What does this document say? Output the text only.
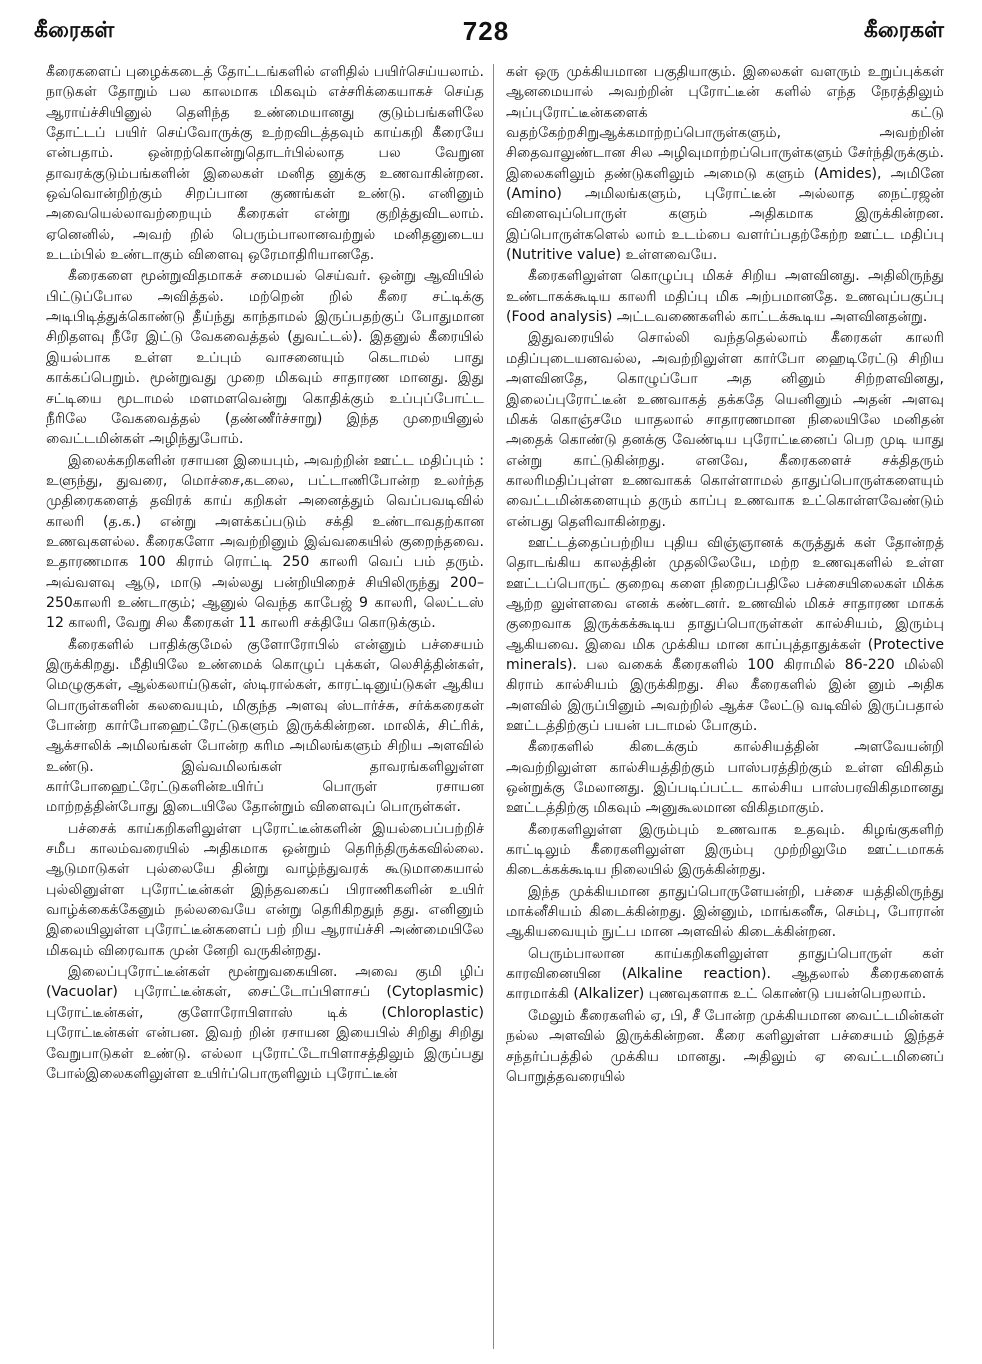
கீரைகள்	728	கீரைகள்

கீரைகளைப் புழைக்கடைத் தோட்டங்களில் எளிதில் பயிர்செய்யலாம். நாடுகள் தோறும் பல காலமாக மிகவும் எச்சரிக்கையாகச் செய்த ஆராய்ச்சியினுல் தெளிந்த உண்மையானது குடும்பங்களிலே தோட்டப் பயிர் செய்வோருக்கு உற்றவிடத்தவும் காய்கறி கீரையே என்பதாம். ஒன்றற்கொன்றுதொடர்பில்லாத பல வேறுன தாவரக்குடும்பங்களின் இலைகள் மனித னுக்கு உணவாகின்றன. ஒவ்வொன்றிற்கும் சிறப்பான குணங்கள் உண்டு. எனினும் அவையெல்லாவற்றையும் கீரைகள் என்று குறித்துவிடலாம். ஏனெனில், அவற் றில் பெரும்பாலானவற்றுல் மனிதனுடைய உடம்பில் உண்டாகும் விளைவு ஒரேமாதிரியானதே.

கீரைகளை மூன்றுவிதமாகச் சமையல் செய்வர். ஒன்று ஆவியில் பிட்டுப்போல அவித்தல். மற்றென் றில் கீரை சட்டிக்கு அடிபிடித்துக்கொண்டு தீய்ந்து காந்தாமல் இருப்பதற்குப் போதுமான சிறிதளவு நீரே இட்டு வேகவைத்தல் (துவட்டல்). இதனுல் கீரையில் இயல்பாக உள்ள உப்பும் வாசனையும் கெடாமல் பாது காக்கப்பெறும். மூன்றுவது முறை மிகவும் சாதாரண மானது. இது சட்டியை மூடாமல் மளமளவென்று கொதிக்கும் உப்புப்போட்ட நீரிலே வேகவைத்தல் (தண்ணீர்ச்சாறு) இந்த முறையினுல் வைட்டமின்கள் அழிந்துபோம்.

இலைக்கறிகளின் ரசாயன இயைபும், அவற்றின் ஊட்ட மதிப்பும் : உளுந்து, துவரை, மொச்சை,கடலை, பட்டாணிபோன்ற உலர்ந்த முதிரைகளைத் தவிரக் காய் கறிகள் அனைத்தும் வெப்பவடிவில் காலரி (த.க.) என்று அளக்கப்படும் சக்தி உண்டாவதற்கான உணவுகளல்ல. கீரைகளோ அவற்றினும் இவ்வகையில் குறைந்தவை. உதாரணமாக 100 கிராம் ரொட்டி 250 காலரி வெப் பம் தரும். அவ்வளவு ஆடு, மாடு அல்லது பன்றியிறைச் சியிலிருந்து 200–250காலரி உண்டாகும்; ஆனுல் வெந்த காபேஜ் 9 காலரி, லெட்டஸ் 12 காலரி, வேறு சில கீரைகள் 11 காலரி சக்தியே கொடுக்கும்.

கீரைகளில் பாதிக்குமேல் குளோரோபில் என்னும் பச்சையம் இருக்கிறது. மீதியிலே உண்மைக் கொழுப் புக்கள், லெசித்தின்கள், மெழுகுகள், ஆல்கலாய்டுகள், ஸ்டிரால்கள், காரட்டினுய்டுகள் ஆகிய பொருள்களின் கலவையும், மிகுந்த அளவு ஸ்டார்ச்சு, சர்க்கரைகள் போன்ற கார்போஹைட்ரேட்டுகளும் இருக்கின்றன. மாலிக், சிட்ரிக், ஆக்சாலிக் அமிலங்கள் போன்ற கரிம அமிலங்களும் சிறிய அளவில் உண்டு. இவ்வமிலங்கள் தாவரங்களிலுள்ள கார்போஹைட்ரேட்டுகளின்உயிர்ப் பொருள் ரசாயன மாற்றத்தின்போது இடையிலே தோன்றும் விளைவுப் பொருள்கள்.

பச்சைக் காய்கறிகளிலுள்ள புரோட்டீன்களின் இயல்பைப்பற்றிச் சமீப காலம்வரையில் அதிகமாக ஒன்றும் தெரிந்திருக்கவில்லை. ஆடுமாடுகள் புல்லையே தின்று வாழ்ந்துவரக் கூடுமாகையால் புல்லினுள்ள புரோட்டீன்கள் இந்தவகைப் பிராணிகளின் உயிர் வாழ்க்கைக்கேனும் நல்லவையே என்று தெரிகிறதுந் தது. எனினும் இலையிலுள்ள புரோட்டீன்களைப் பற் றிய ஆராய்ச்சி அண்மையிலே மிகவும் விரைவாக முன் னேறி வருகின்றது.

இலைப்புரோட்டீன்கள் மூன்றுவகையின. அவை குமி ழிப் (Vacuolar) புரோட்டீன்கள், சைட்டோப்பிளாசப் (Cytoplasmic) புரோட்டீன்கள், குளோரோபிளாஸ் டிக் (Chloroplastic) புரோட்டீன்கள் என்பன. இவற் றின் ரசாயன இயைபில் சிறிது சிறிது வேறுபாடுகள் உண்டு. எல்லா புரோட்டோபிளாசத்திலும் இருப்பது போல்இலைகளிலுள்ள உயிர்ப்பொருளிலும் புரோட்டீன்

கள் ஒரு முக்கியமான பகுதியாகும். இலைகள் வளரும் உறுப்புக்கள் ஆனமையால் அவற்றின் புரோட்டீன் களில் எந்த நேரத்திலும் அப்புரோட்டீன்களைக் கட்டு வதற்கேற்றசிறுஆக்கமாற்றப்பொருள்களும், அவற்றின் சிதைவாலுண்டான சில அழிவுமாற்றப்பொருள்களும் சேர்ந்திருக்கும். இலைகளிலும் தண்டுகளிலும் அமைடு களும் (Amides), அமினே (Amino) அமிலங்களும், புரோட்டீன் அல்லாத நைட்ரஜன் விளைவுப்பொருள் களும் அதிகமாக இருக்கின்றன. இப்பொருள்களெல் லாம் உடம்பை வளர்ப்பதற்கேற்ற ஊட்ட மதிப்பு (Nutritive value) உள்ளவையே.

கீரைகளிலுள்ள கொழுப்பு மிகச் சிறிய அளவினது. அதிலிருந்து உண்டாகக்கூடிய காலரி மதிப்பு மிக அற்பமானதே. உணவுப்பகுப்பு (Food analysis) அட்டவணைகளில் காட்டக்கூடிய அளவினதன்று.

இதுவரையில் சொல்லி வந்ததெல்லாம் கீரைகள் காலரி மதிப்புடையனவல்ல, அவற்றிலுள்ள கார்போ ஹைடிரேட்டு சிறிய அளவினதே, கொழுப்போ அத னினும் சிற்றளவினது, இலைப்புரோட்டீன் உணவாகத் தக்கதே யெனினும் அதன் அளவு மிகக் கொஞ்சமே யாதலால் சாதாரணமான நிலையிலே மனிதன் அதைக் கொண்டு தனக்கு வேண்டிய புரோட்டீனைப் பெற முடி யாது என்று காட்டுகின்றது. எனவே, கீரைகளைச் சக்திதரும் காலரிமதிப்புள்ள உணவாகக் கொள்ளாமல் தாதுப்பொருள்களையும் வைட்டமின்களையும் தரும் காப்பு உணவாக உட்கொள்ளவேண்டும் என்பது தெளிவாகின்றது.

ஊட்டத்தைப்பற்றிய புதிய விஞ்ஞானக் கருத்துக் கள் தோன்றத் தொடங்கிய காலத்தின் முதலிலேயே, மற்ற உணவுகளில் உள்ள ஊட்டப்பொருட் குறைவு களை நிறைப்பதிலே பச்சையிலைகள் மிக்க ஆற்ற லுள்ளவை எனக் கண்டனர். உணவில் மிகச் சாதாரண மாகக் குறைவாக இருக்கக்கூடிய தாதுப்பொருள்கள் கால்சியம், இரும்பு ஆகியவை. இவை மிக முக்கிய மான காப்புத்தாதுக்கள் (Protective minerals). பல வகைக் கீரைகளில் 100 கிராமில் 86-220 மில்லி கிராம் கால்சியம் இருக்கிறது. சில கீரைகளில் இன் னும் அதிக அளவில் இருப்பினும் அவற்றில் ஆக்ச லேட்டு வடிவில் இருப்பதால் ஊட்டத்திற்குப் பயன் படாமல் போகும்.

கீரைகளில் கிடைக்கும் கால்சியத்தின் அளவேயன்றி அவற்றிலுள்ள கால்சியத்திற்கும் பாஸ்பரத்திற்கும் உள்ள விகிதம் ஒன்றுக்கு மேலானது. இப்படிப்பட்ட கால்சிய பாஸ்பரவிகிதமானது ஊட்டத்திற்கு மிகவும் அனுகூலமான விகிதமாகும்.

கீரைகளிலுள்ள இரும்பும் உணவாக உதவும். கிழங்குகளிற் காட்டிலும் கீரைகளிலுள்ள இரும்பு முற்றிலுமே ஊட்டமாகக் கிடைக்கக்கூடிய நிலையில் இருக்கின்றது.

இந்த முக்கியமான தாதுப்பொருளேயன்றி, பச்சை யத்திலிருந்து மாக்னீசியம் கிடைக்கின்றது. இன்னும், மாங்கனீசு, செம்பு, போரான் ஆகியவையும் நுட்ப மான அளவில் கிடைக்கின்றன.

பெரும்பாலான காய்கறிகளிலுள்ள தாதுப்பொருள் கள் காரவினையின (Alkaline reaction). ஆதலால் கீரைகளைக் காரமாக்கி (Alkalizer) புணவுகளாக உட் கொண்டு பயன்பெறலாம்.

மேலும் கீரைகளில் ஏ, பி, சீ போன்ற முக்கியமான வைட்டமின்கள் நல்ல அளவில் இருக்கின்றன. கீரை களிலுள்ள பச்சையம் இந்தச் சந்தர்ப்பத்தில் முக்கிய மானது. அதிலும் ஏ வைட்டமினைப் பொறுத்தவரையில்
